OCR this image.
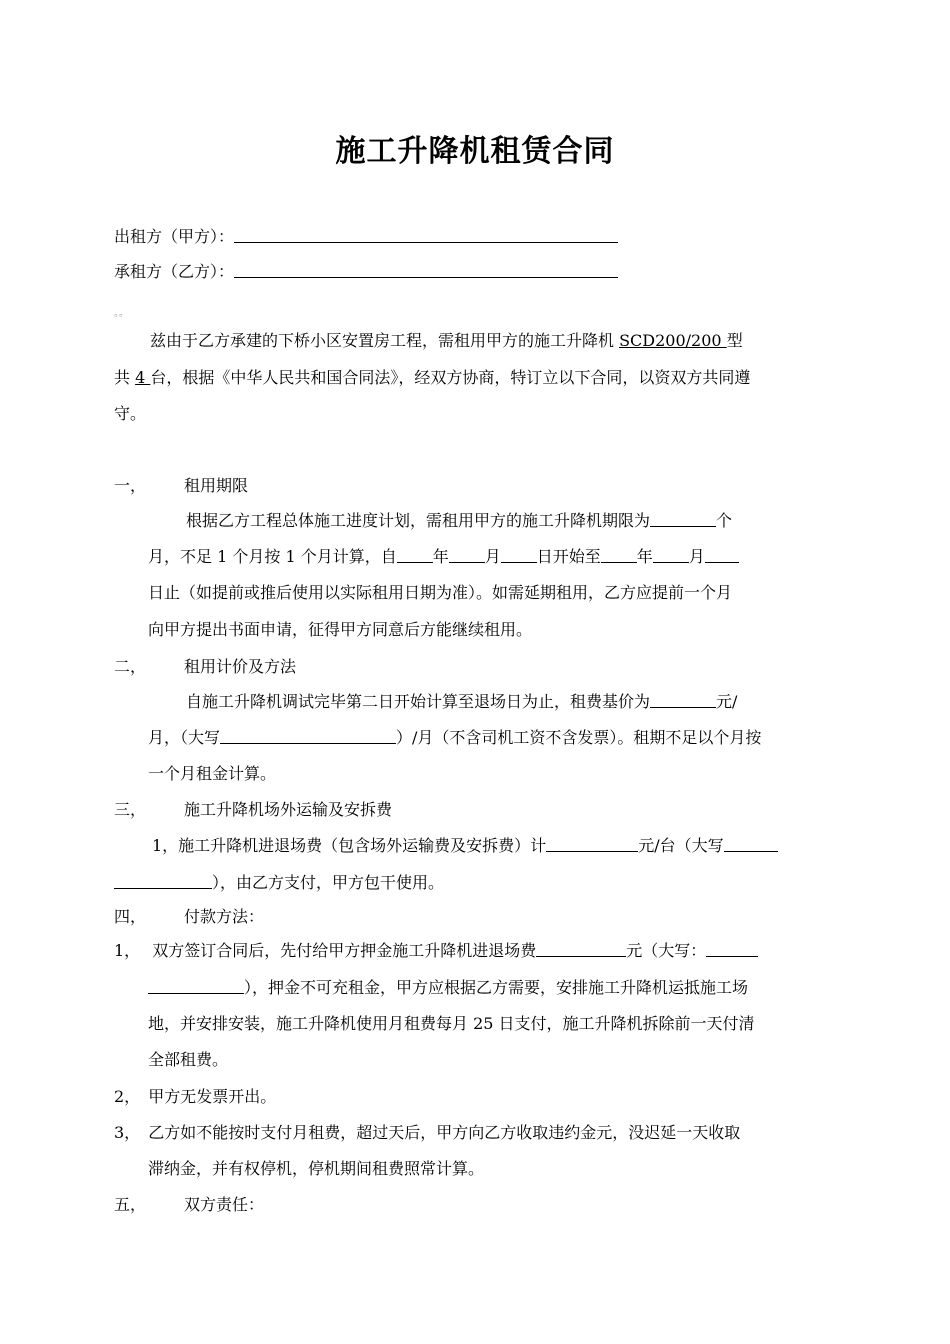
施工升降机租赁合同
出租方（甲方）：
承租方（乙方）：
。。
兹由于乙方承建的下桥小区安置房工程，需租用甲方的施工升降机 SCD200/200 型
共 4 台，根据《中华人民共和国合同法》，经双方协商，特订立以下合同，以资双方共同遵
守。
一， 租用期限
根据乙方工程总体施工进度计划，需租用甲方的施工升降机期限为	个
月，不足 1 个月按 1 个月计算，自 年 月 日开始至 年 月
日止（如提前或推后使用以实际租用日期为准）。如需延期租用，乙方应提前一个月
向甲方提出书面申请，征得甲方同意后方能继续租用。
二， 租用计价及方法
自施工升降机调试完毕第二日开始计算至退场日为止，租费基价为	元/
月，（大写	）/月（不含司机工资不含发票）。租期不足以个月按
一个月租金计算。
三， 施工升降机场外运输及安拆费
1，施工升降机进退场费（包含场外运输费及安拆费）计	元/台（大写
），由乙方支付，甲方包干使用。
四， 付款方法：
1， 双方签订合同后，先付给甲方押金施工升降机进退场费	元（大写：
），押金不可充租金，甲方应根据乙方需要，安排施工升降机运抵施工场
地，并安排安装，施工升降机使用月租费每月 25 日支付，施工升降机拆除前一天付清
全部租费。
2， 甲方无发票开出。
3， 乙方如不能按时支付月租费，超过天后，甲方向乙方收取违约金元，没迟延一天收取
滞纳金，并有权停机，停机期间租费照常计算。
五， 双方责任：
